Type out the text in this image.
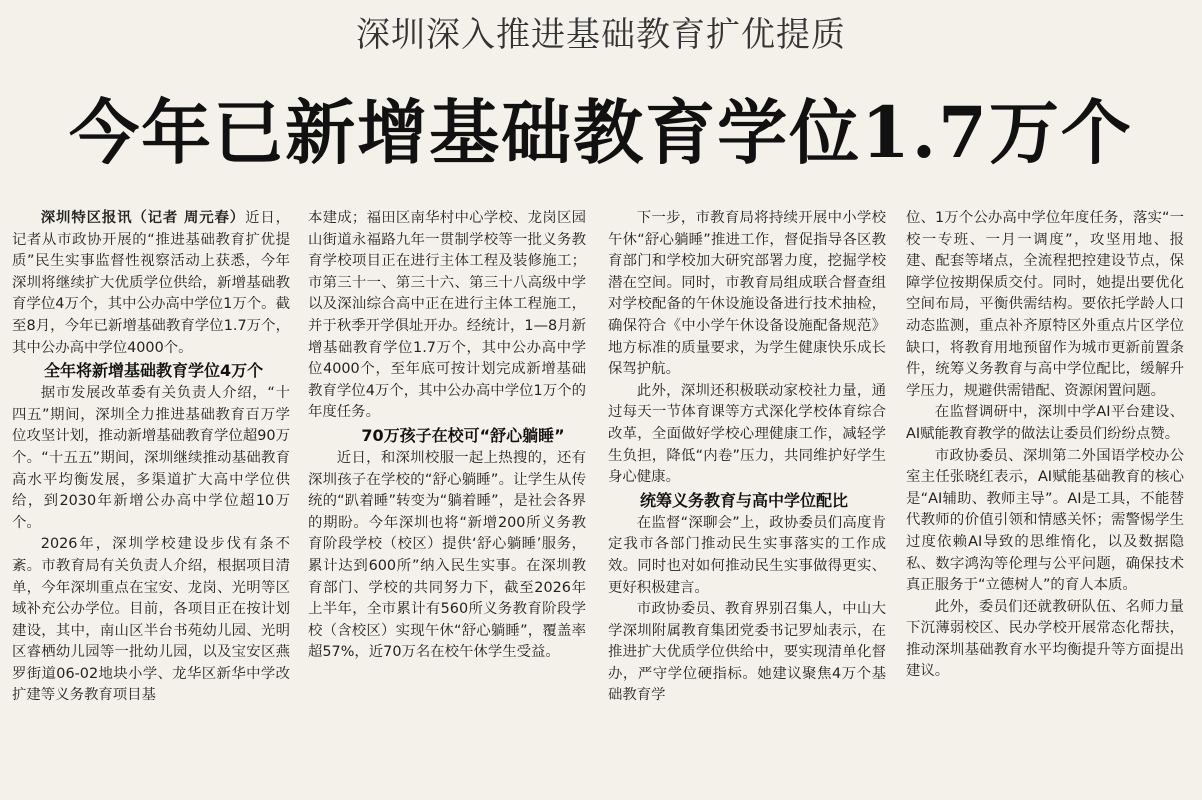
深圳深入推进基础教育扩优提质
今年已新增基础教育学位1.7万个

深圳特区报讯（记者 周元春）近日，记者从市政协开展的“推进基础教育扩优提质”民生实事监督性视察活动上获悉，今年深圳将继续扩大优质学位供给，新增基础教育学位4万个，其中公办高中学位1万个。截至8月，今年已新增基础教育学位1.7万个，其中公办高中学位4000个。

全年将新增基础教育学位4万个

据市发展改革委有关负责人介绍，“十四五”期间，深圳全力推进基础教育百万学位攻坚计划，推动新增基础教育学位超90万个。“十五五”期间，深圳继续推动基础教育高水平均衡发展，多渠道扩大高中学位供给，到2030年新增公办高中学位超10万个。

2026年，深圳学校建设步伐有条不紊。市教育局有关负责人介绍，根据项目清单，今年深圳重点在宝安、龙岗、光明等区域补充公办学位。目前，各项目正在按计划建设，其中，南山区半台书苑幼儿园、光明区睿栖幼儿园等一批幼儿园，以及宝安区燕罗街道06-02地块小学、龙华区新华中学改扩建等义务教育项目基

本建成；福田区南华村中心学校、龙岗区园山街道永福路九年一贯制学校等一批义务教育学校项目正在进行主体工程及装修施工；市第三十一、第三十六、第三十八高级中学以及深汕综合高中正在进行主体工程施工，并于秋季开学俱址开办。经统计，1—8月新增基础教育学位1.7万个，其中公办高中学位4000个，至年底可按计划完成新增基础教育学位4万个，其中公办高中学位1万个的年度任务。

70万孩子在校可“舒心躺睡”

近日，和深圳校服一起上热搜的，还有深圳孩子在学校的“舒心躺睡”。让学生从传统的“趴着睡”转变为“躺着睡”，是社会各界的期盼。今年深圳也将“新增200所义务教育阶段学校（校区）提供‘舒心躺睡’服务，累计达到600所”纳入民生实事。在深圳教育部门、学校的共同努力下，截至2026年上半年，全市累计有560所义务教育阶段学校（含校区）实现午休“舒心躺睡”，覆盖率超57%，近70万名在校午休学生受益。

下一步，市教育局将持续开展中小学校午休“舒心躺睡”推进工作，督促指导各区教育部门和学校加大研究部署力度，挖掘学校潜在空间。同时，市教育局组成联合督查组对学校配备的午休设施设备进行技术抽检，确保符合《中小学午休设备设施配备规范》地方标准的质量要求，为学生健康快乐成长保驾护航。

此外，深圳还积极联动家校社力量，通过每天一节体育课等方式深化学校体育综合改革，全面做好学校心理健康工作，减轻学生负担，降低“内卷”压力，共同维护好学生身心健康。

统筹义务教育与高中学位配比

在监督“深聊会”上，政协委员们高度肯定我市各部门推动民生实事落实的工作成效。同时也对如何推动民生实事做得更实、更好积极建言。

市政协委员、教育界别召集人，中山大学深圳附属教育集团党委书记罗灿表示，在推进扩大优质学位供给中，要实现清单化督办，严守学位硬指标。她建议聚焦4万个基础教育学

位、1万个公办高中学位年度任务，落实“一校一专班、一月一调度”，攻坚用地、报建、配套等堵点，全流程把控建设节点，保障学位按期保质交付。同时，她提出要优化空间布局，平衡供需结构。要依托学龄人口动态监测，重点补齐原特区外重点片区学位缺口，将教育用地预留作为城市更新前置条件，统筹义务教育与高中学位配比，缓解升学压力，规避供需错配、资源闲置问题。

在监督调研中，深圳中学AI平台建设、AI赋能教育教学的做法让委员们纷纷点赞。

市政协委员、深圳第二外国语学校办公室主任张晓红表示，AI赋能基础教育的核心是“AI辅助、教师主导”。AI是工具，不能替代教师的价值引领和情感关怀；需警惕学生过度依赖AI导致的思维惰化，以及数据隐私、数字鸿沟等伦理与公平问题，确保技术真正服务于“立德树人”的育人本质。

此外，委员们还就教研队伍、名师力量下沉薄弱校区、民办学校开展常态化帮扶，推动深圳基础教育水平均衡提升等方面提出建议。
